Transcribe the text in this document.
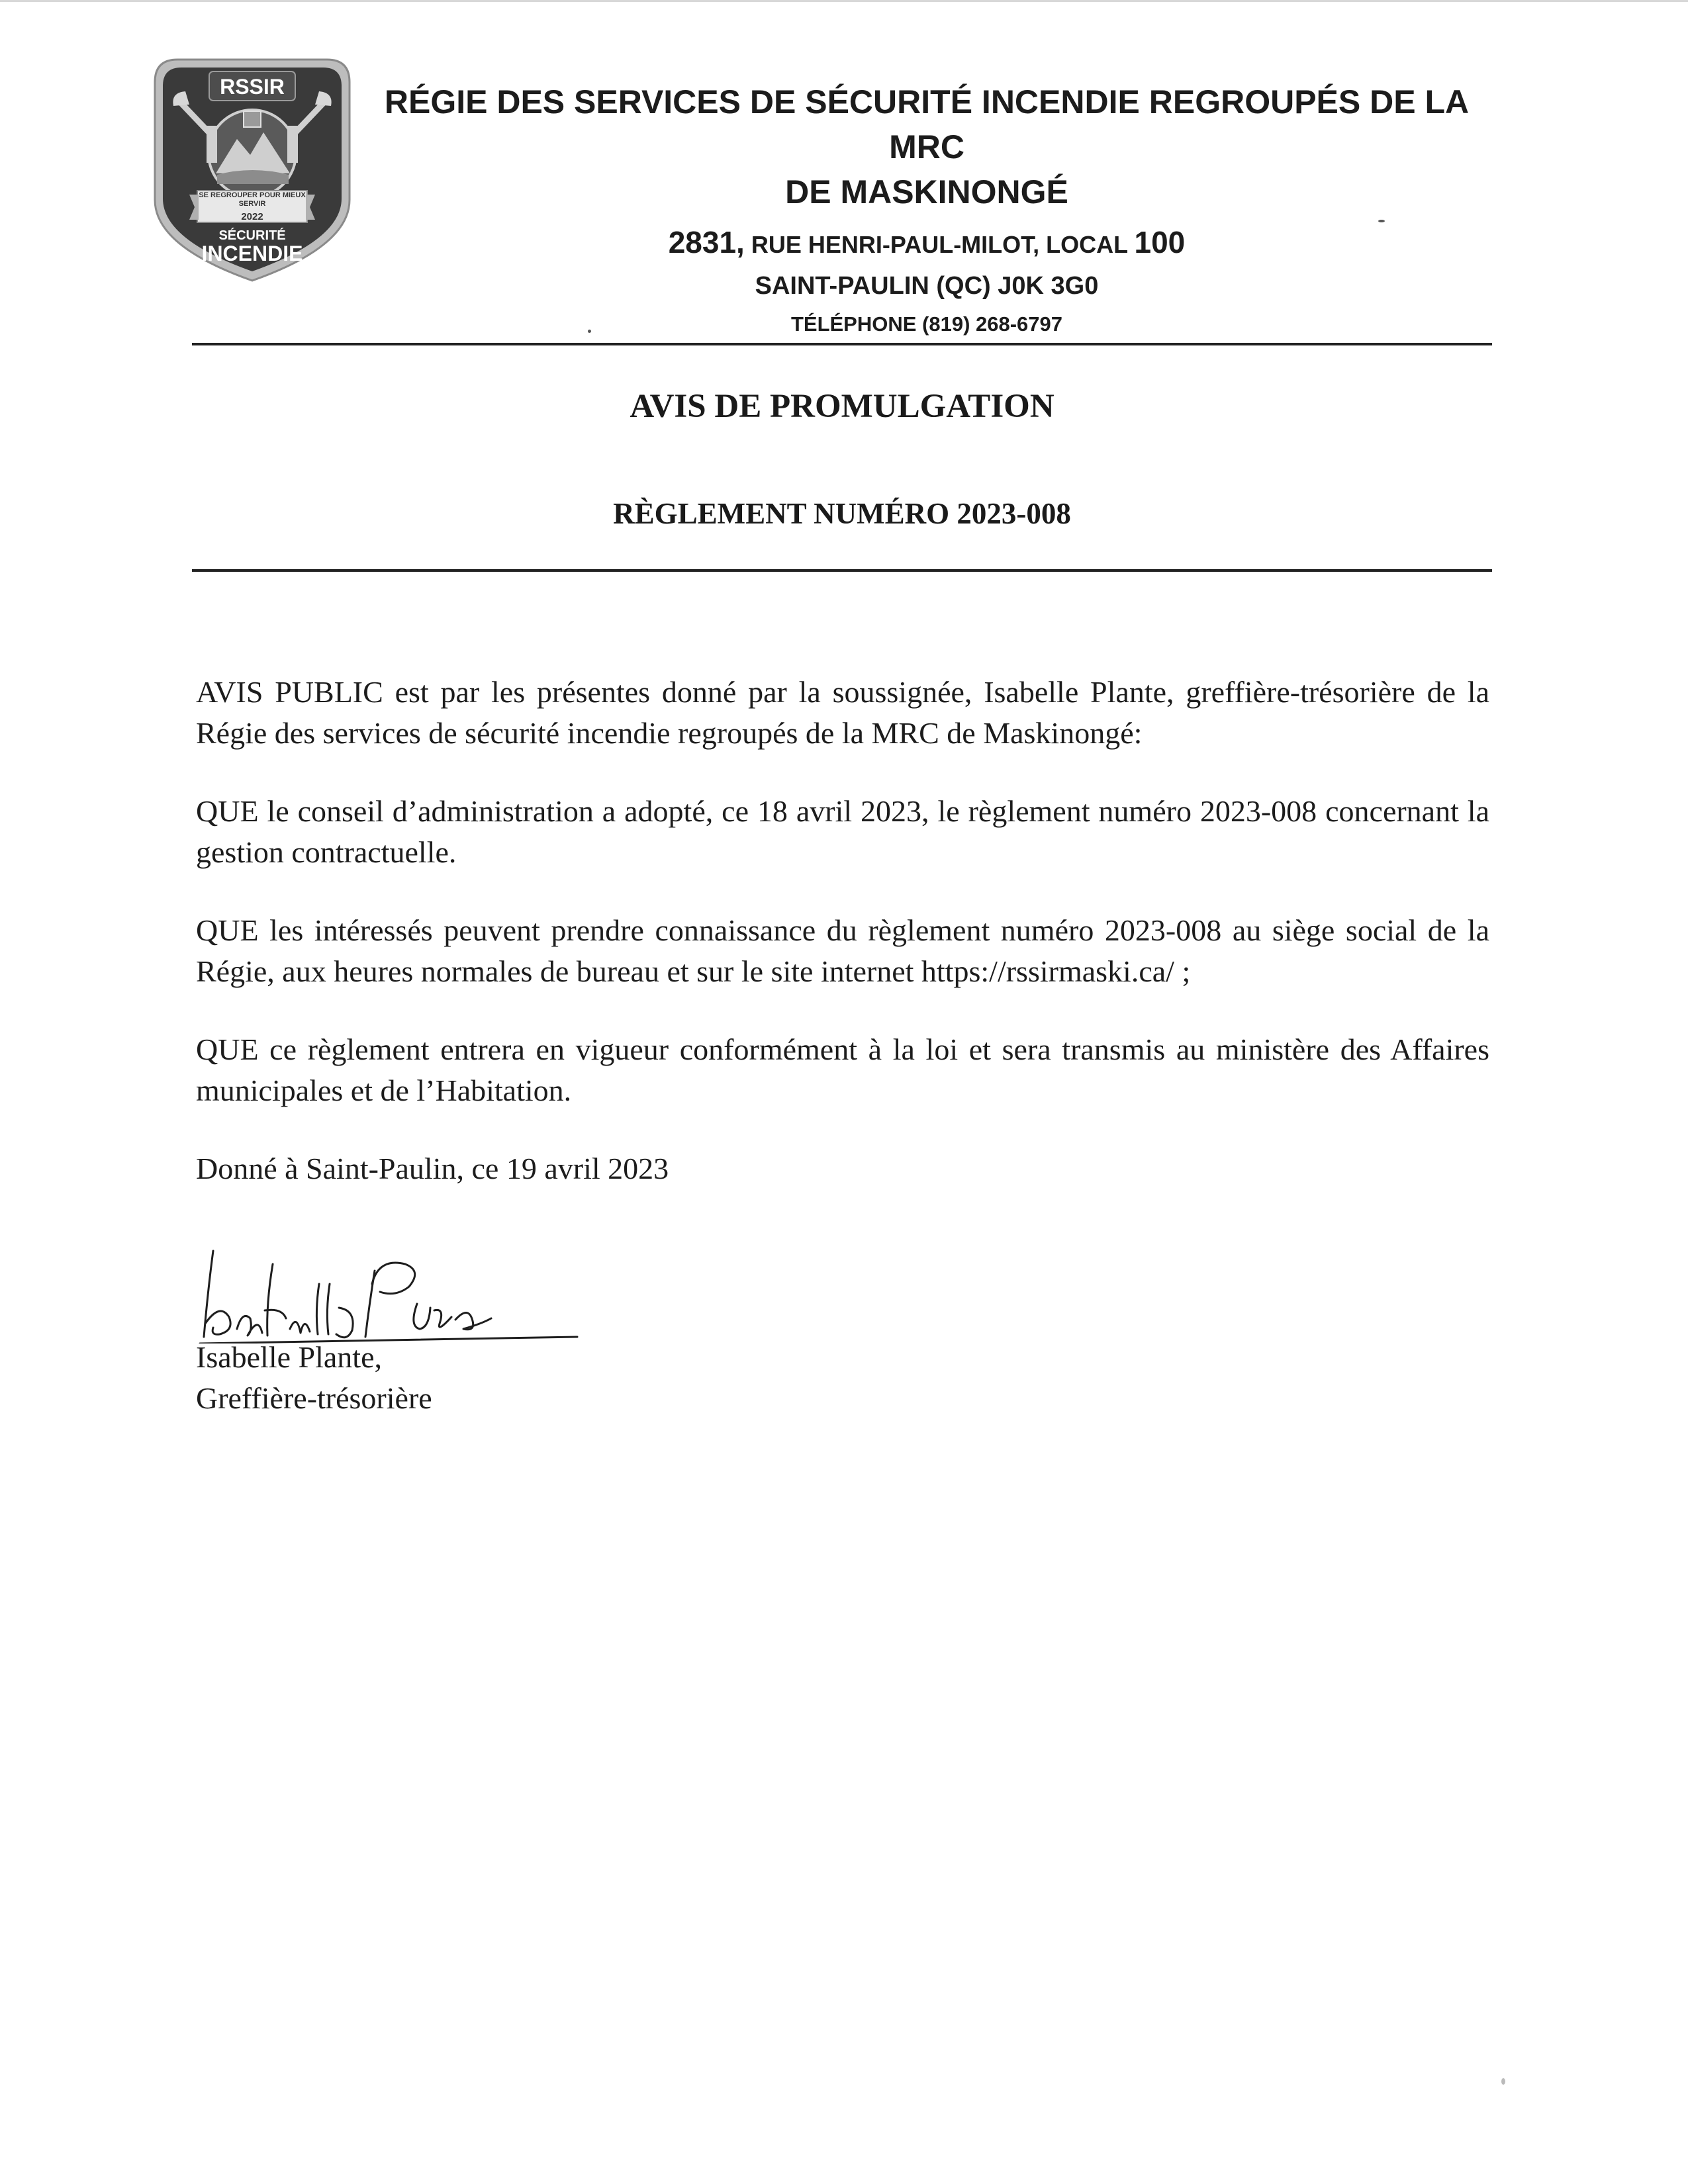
RSSIR
SE REGROUPER POUR MIEUX SERVIR
2022
SÉCURITÉ
INCENDIE
RÉGIE DES SERVICES DE SÉCURITÉ INCENDIE REGROUPÉS DE LA MRC
DE MASKINONGÉ
2831, RUE HENRI-PAUL-MILOT, LOCAL 100
SAINT-PAULIN (QC) J0K 3G0
TÉLÉPHONE (819) 268-6797
AVIS DE PROMULGATION
RÈGLEMENT NUMÉRO 2023-008

AVIS PUBLIC est par les présentes donné par la soussignée, Isabelle Plante, greffière-trésorière de la Régie des services de sécurité incendie regroupés de la MRC de Maskinongé:

QUE le conseil d’administration a adopté, ce 18 avril 2023, le règlement numéro 2023-008 concernant la gestion contractuelle.

QUE les intéressés peuvent prendre connaissance du règlement numéro 2023-008 au siège social de la Régie, aux heures normales de bureau et sur le site internet https://rssirmaski.ca/ ;

QUE ce règlement entrera en vigueur conformément à la loi et sera transmis au ministère des Affaires municipales et de l’Habitation.

Donné à Saint-Paulin, ce 19 avril 2023

Isabelle Plante,
Greffière-trésorière
